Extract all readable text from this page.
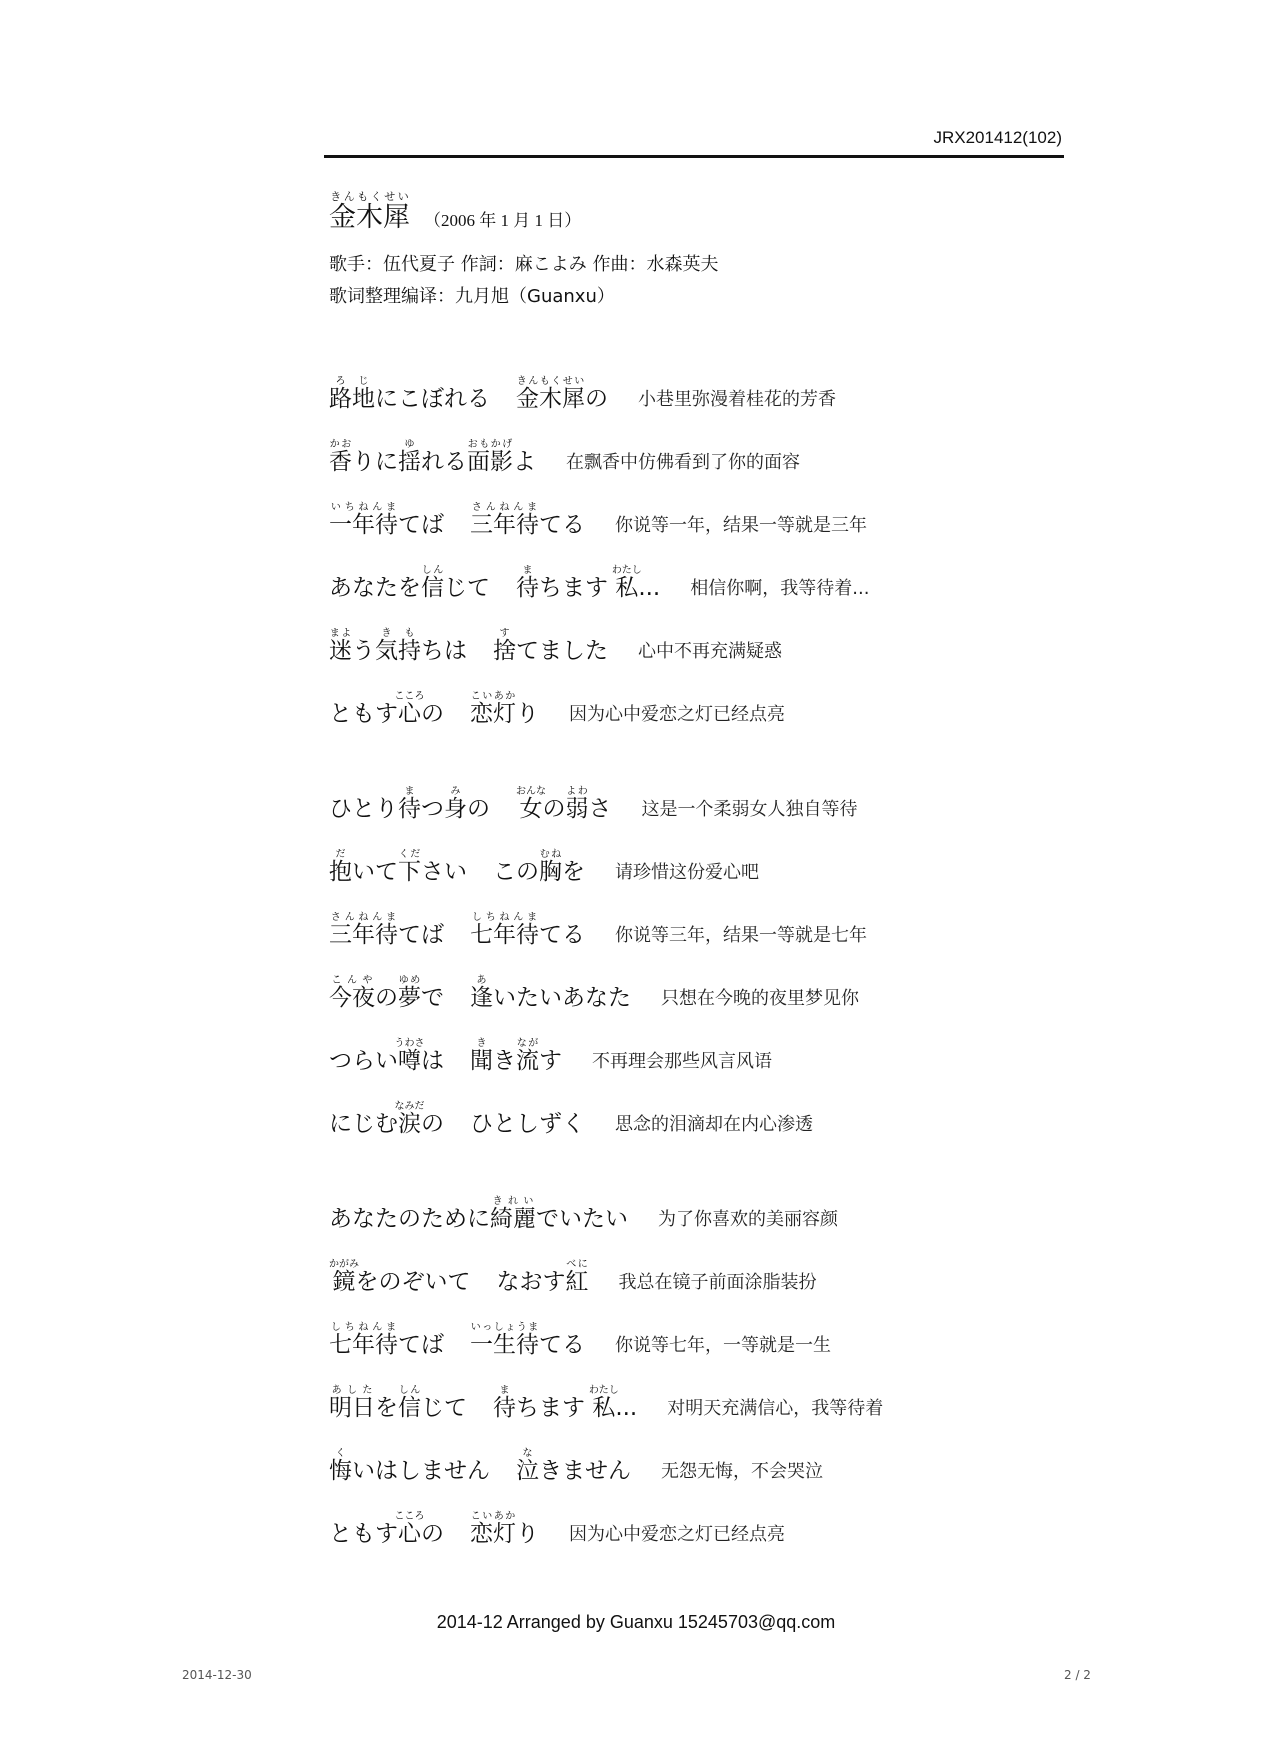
JRX201412(102)
金木犀きんもくせい（2006 年 1 月 1 日）
歌手：伍代夏子 作詞：麻こよみ 作曲：水森英夫
歌词整理编译：九月旭（Guanxu）
路地ろじにこぼれる 金木犀きんもくせいの 小巷里弥漫着桂花的芳香
香かおりに揺ゆれる面影おもかげよ 在飘香中仿佛看到了你的面容
一年待いちねんまてば 三年待さんねんまてる 你说等一年，结果一等就是三年
あなたを信しんじて 待まちます 私わたし... 相信你啊，我等待着...
迷まよう気き持もちは 捨すてました 心中不再充满疑惑
ともす心こころの 恋灯こいあかり 因为心中爱恋之灯已经点亮
ひとり待まつ身みの 女おんなの弱よわさ 这是一个柔弱女人独自等待
抱だいて下ください この胸むねを 请珍惜这份爱心吧
三年待さんねんまてば 七年待しちねんまてる 你说等三年，结果一等就是七年
今夜こんやの夢ゆめで 逢あいたいあなた 只想在今晚的夜里梦见你
つらい噂うわさは 聞きき流ながす 不再理会那些风言风语
にじむ涙なみだの ひとしずく 思念的泪滴却在内心渗透
あなたのために綺麗きれいでいたい 为了你喜欢的美丽容颜
鏡かがみをのぞいて なおす紅べに
我总在镜子前面涂脂装扮
七年待しちねんまてば 一生待いっしょうまてる 你说等七年，一等就是一生
明日あしたを信しんじて 待まちます 私わたし... 对明天充满信心，我等待着
悔くいはしません 泣なきません 无怨无悔，不会哭泣
ともす心こころの 恋灯こいあかり 因为心中爱恋之灯已经点亮
2014-12 Arranged by Guanxu 15245703@qq.com
2014-12-30	2 / 2
